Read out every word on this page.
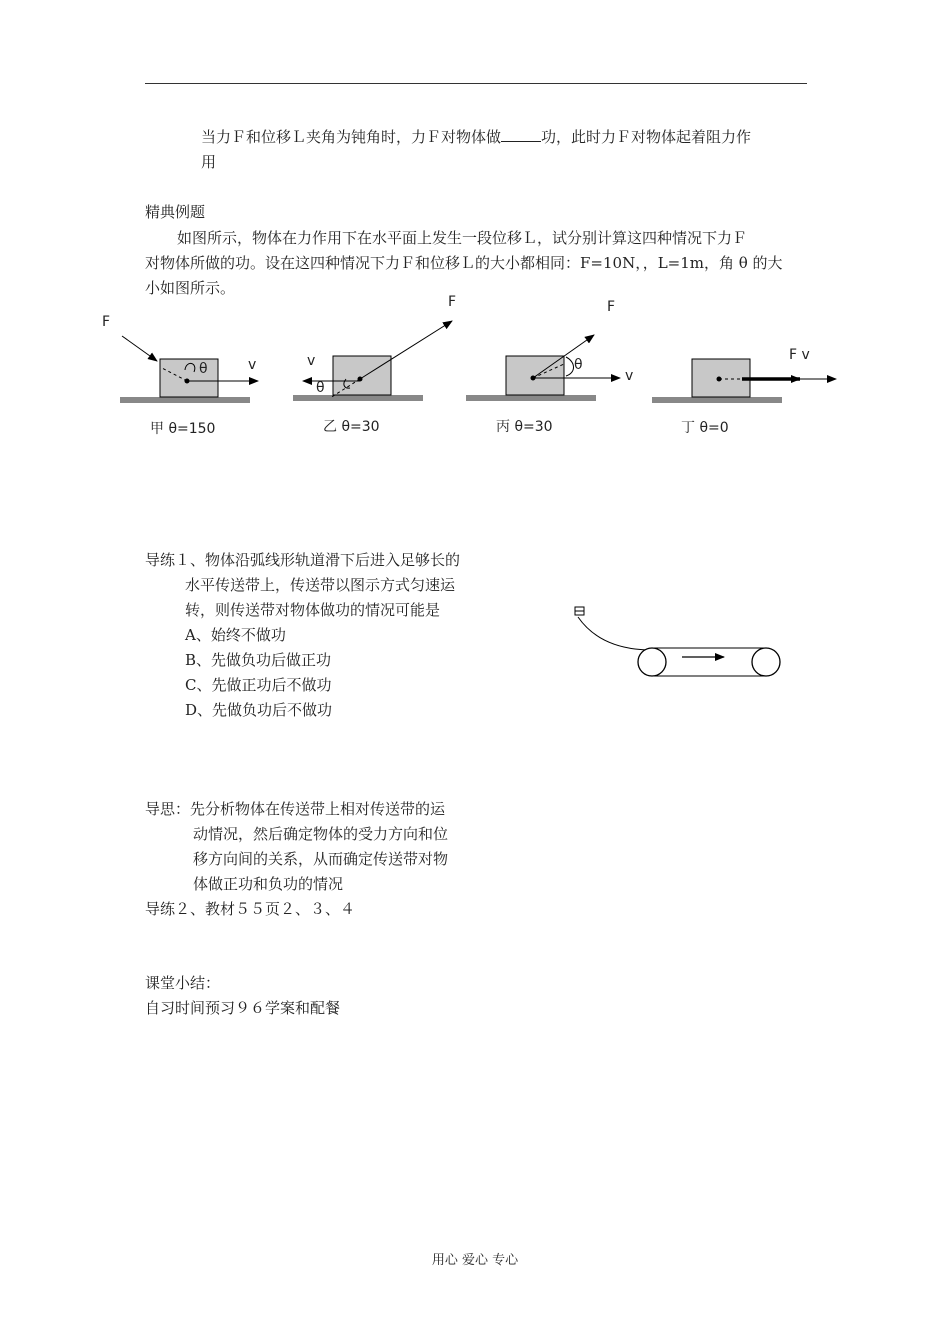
当力Ｆ和位移Ｌ夹角为钝角时，力Ｆ对物体做	功，此时力Ｆ对物体起着阻力作
用
精典例题
如图所示，物体在力作用下在水平面上发生一段位移Ｌ，试分别计算这四种情况下力Ｆ
对物体所做的功。设在这四种情况下力Ｆ和位移Ｌ的大小都相同：F=10N，，L=1m，角 θ 的大
小如图所示。
F
v
θ
F
v
θ
F
v
θ
F v
甲 θ=150	乙 θ=30	丙 θ=30	丁 θ=0
导练１、物体沿弧线形轨道滑下后进入足够长的
水平传送带上，传送带以图示方式匀速运
转，则传送带对物体做功的情况可能是
A、始终不做功
B、先做负功后做正功
C、先做正功后不做功
D、先做负功后不做功
导思：先分析物体在传送带上相对传送带的运
动情况，然后确定物体的受力方向和位
移方向间的关系，从而确定传送带对物
体做正功和负功的情况
导练２、教材５５页２、３、４
课堂小结：
自习时间预习９６学案和配餐
用心 爱心 专心
